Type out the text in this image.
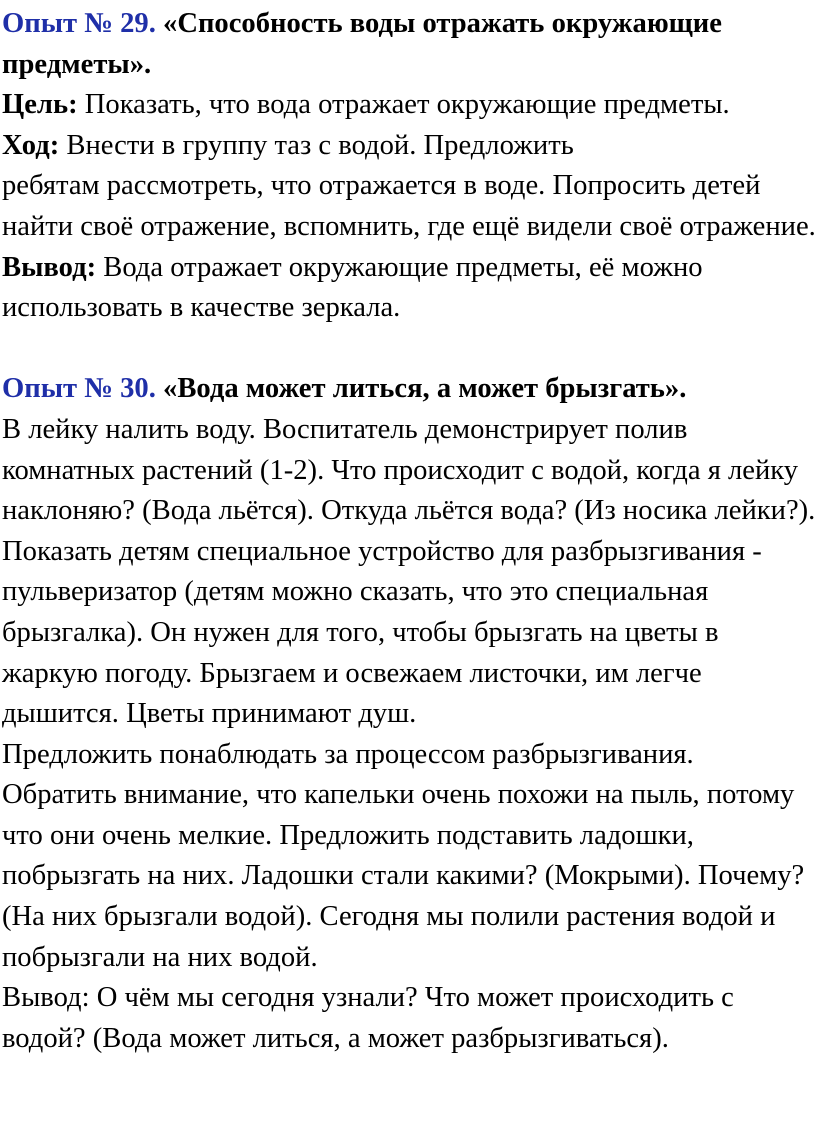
Опыт № 29. «Способность воды отражать окружающие предметы».

Цель: Показать, что вода отражает окружающие предметы.

Ход: Внести в группу таз с водой. Предложить
ребятам рассмотреть, что отражается в воде. Попросить детей найти своё отражение, вспомнить, где ещё видели своё отражение.

Вывод: Вода отражает окружающие предметы, её можно использовать в качестве зеркала.

Опыт № 30. «Вода может литься, а может брызгать».

В лейку налить воду. Воспитатель демонстрирует полив комнатных растений (1-2). Что происходит с водой, когда я лейку наклоняю? (Вода льётся). Откуда льётся вода? (Из носика лейки?). Показать детям специальное устройство для разбрызгивания - пульверизатор (детям можно сказать, что это специальная брызгалка). Он нужен для того, чтобы брызгать на цветы в жаркую погоду. Брызгаем и освежаем листочки, им легче дышится. Цветы принимают душ.

Предложить понаблюдать за процессом разбрызгивания.

Обратить внимание, что капельки очень похожи на пыль, потому что они очень мелкие. Предложить подставить ладошки, побрызгать на них. Ладошки стали какими? (Мокрыми). Почему? (На них брызгали водой). Сегодня мы полили растения водой и побрызгали на них водой.

Вывод: О чём мы сегодня узнали? Что может происходить с водой? (Вода может литься, а может разбрызгиваться).
